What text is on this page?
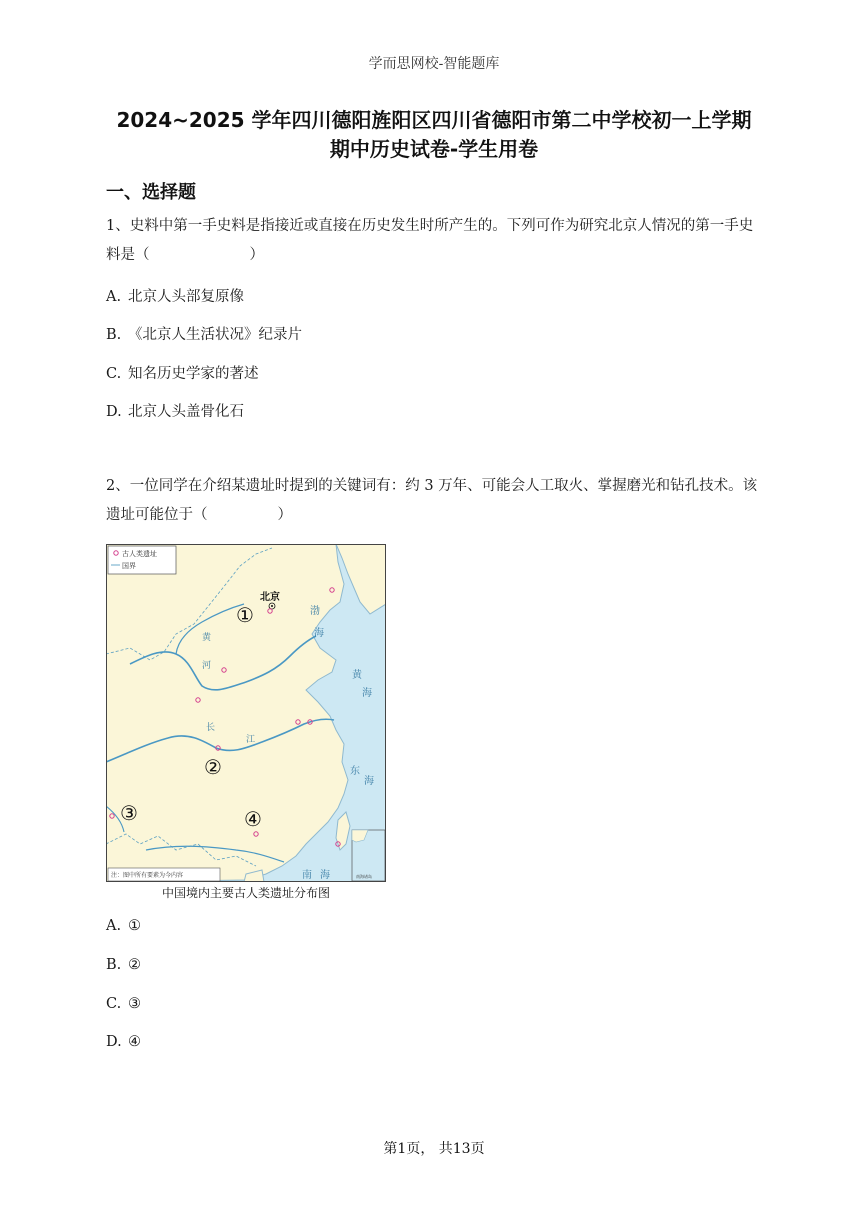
学而思网校-智能题库
2024~2025 学年四川德阳旌阳区四川省德阳市第二中学校初一上学期
期中历史试卷-学生用卷
一、选择题
1、史料中第一手史料是指接近或直接在历史发生时所产生的。下列可作为研究北京人情况的第一手史料是（	）
A. 北京人头部复原像
B. 《北京人生活状况》纪录片
C. 知名历史学家的著述
D. 北京人头盖骨化石
2、一位同学在介绍某遗址时提到的关键词有：约 3 万年、可能会人工取火、掌握磨光和钻孔技术。该遗址可能位于（	）
古人类遗址
国界
北京
①
②
③	④
渤
海
黄
海
东
海
南 海
黄
河
长
江
南海诸岛
注：图中所有要素为今内容
中国境内主要古人类遗址分布图
A. ①
B. ②
C. ③
D. ④
第1页， 共13页
